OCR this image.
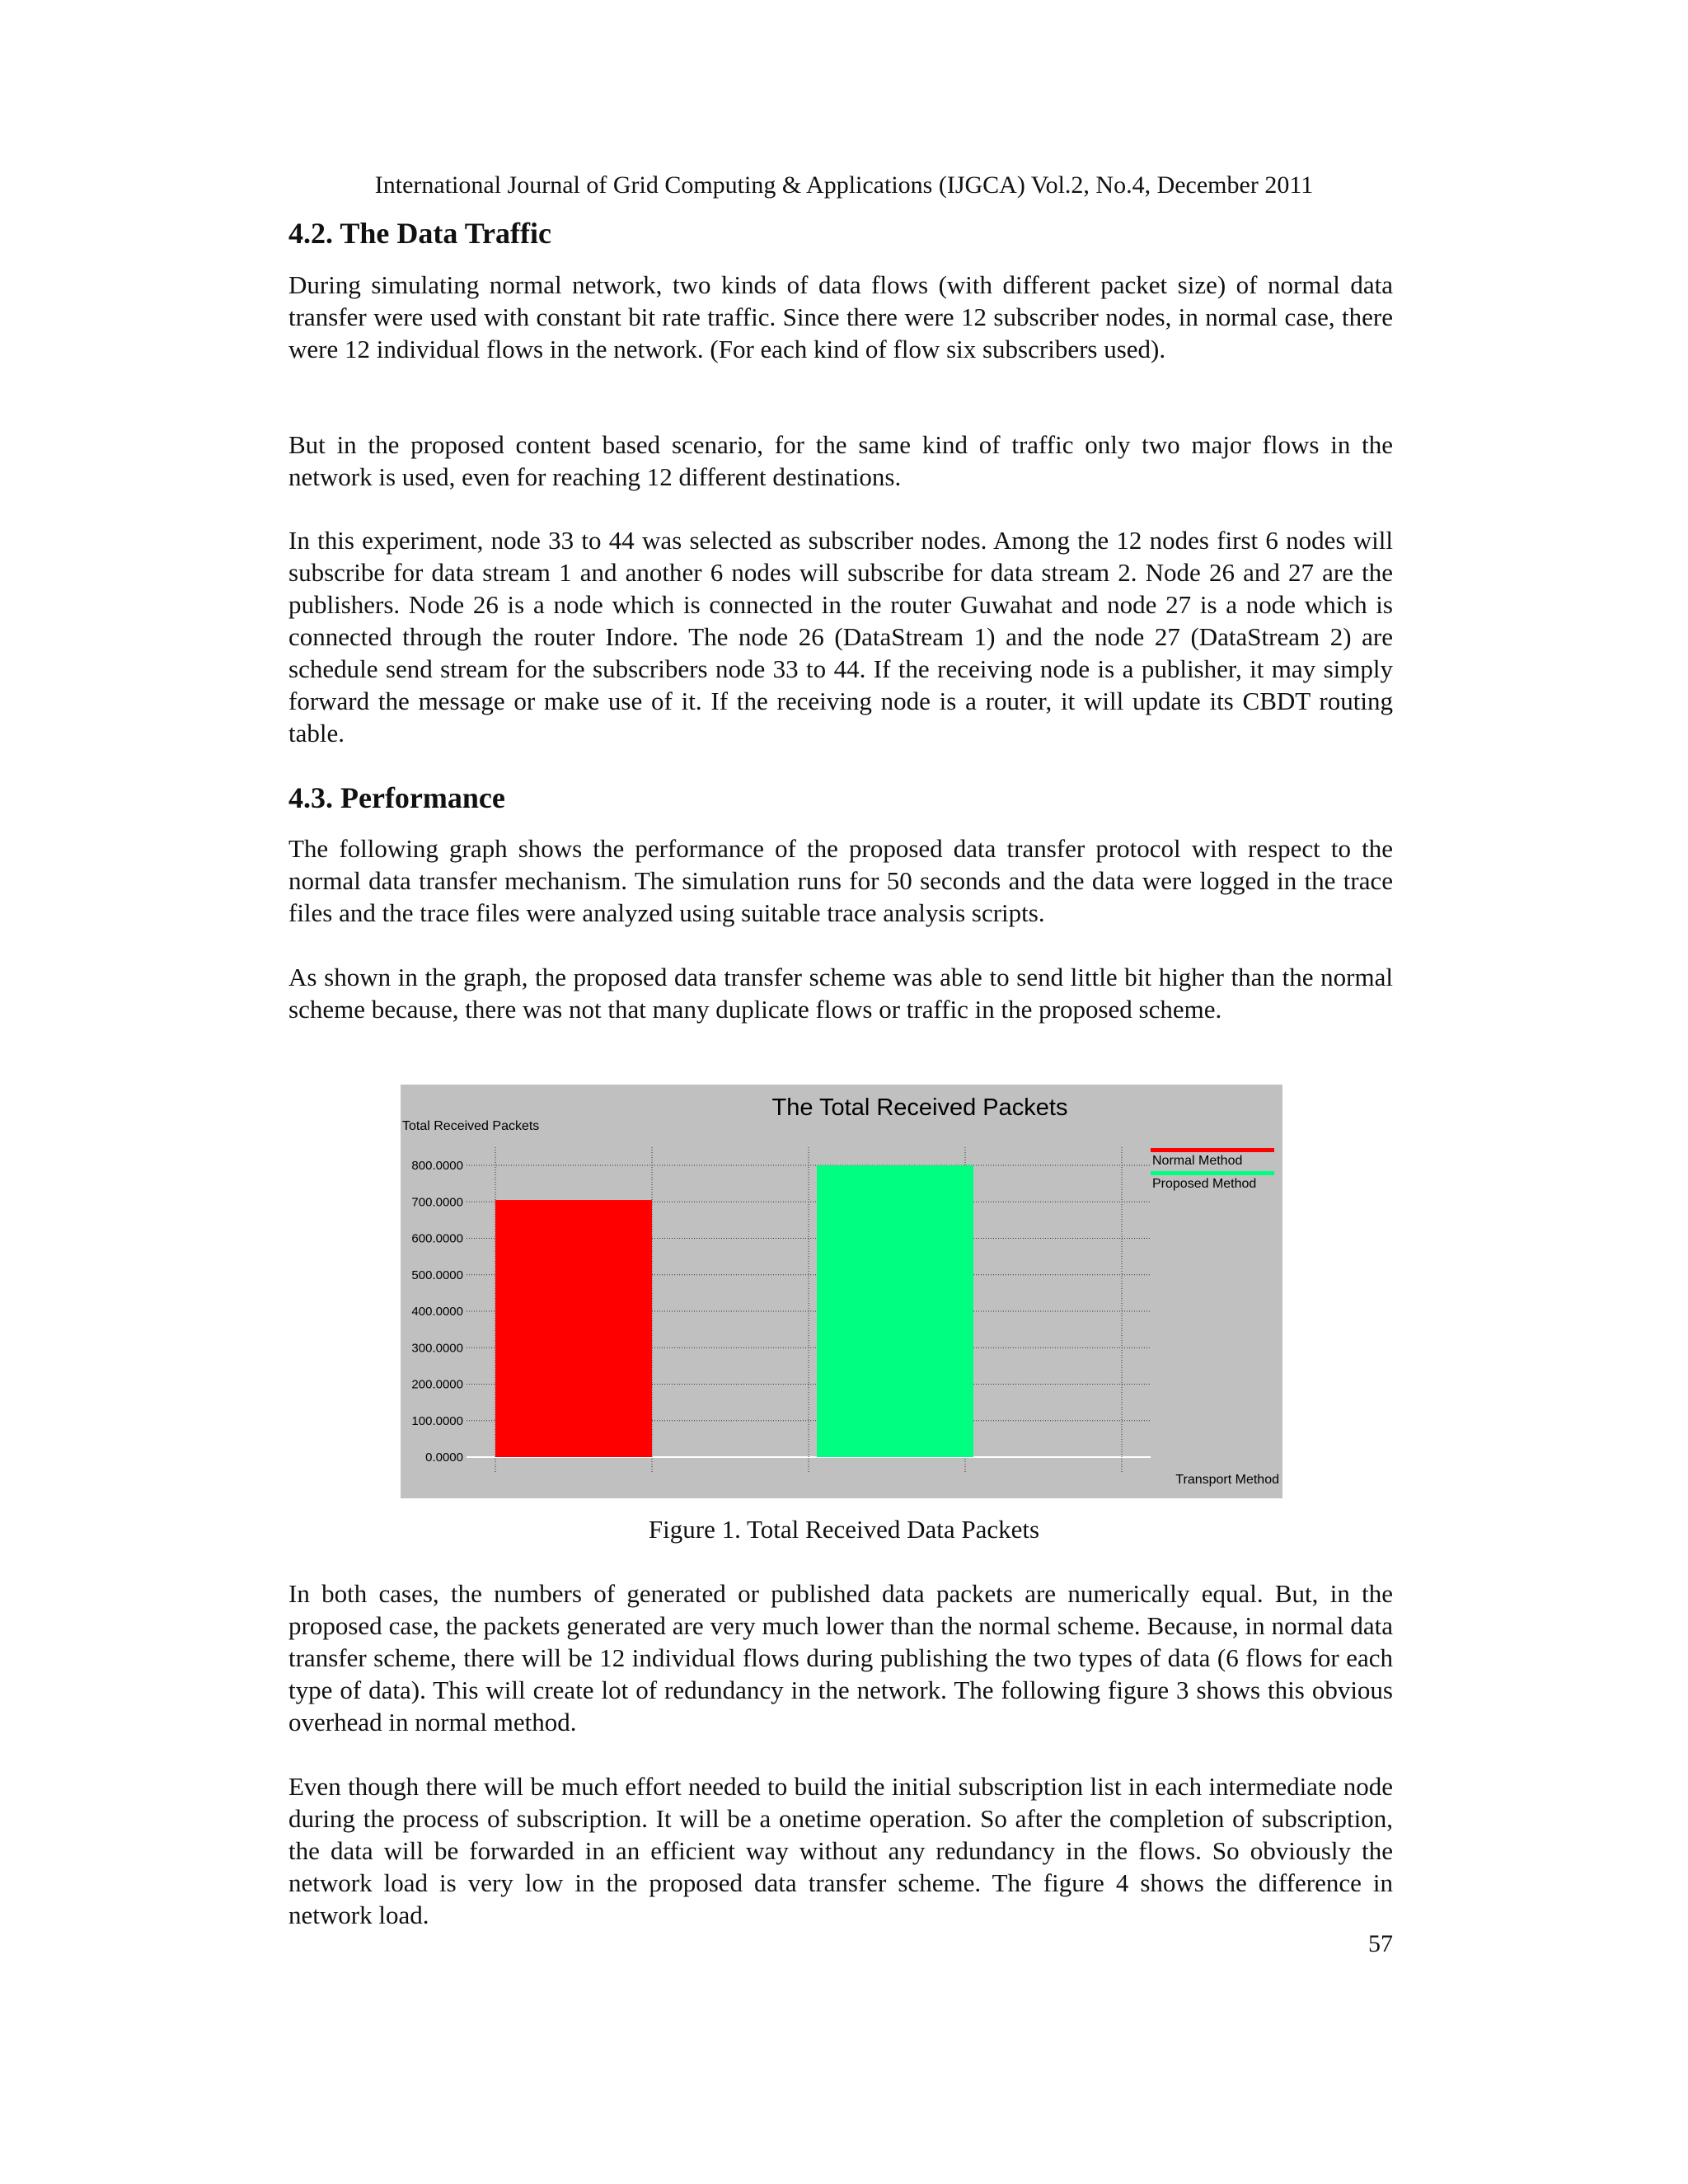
International Journal of Grid Computing & Applications (IJGCA) Vol.2, No.4, December 2011
4.2. The Data Traffic

During simulating normal network, two kinds of data flows (with different packet size) of normal data transfer were used with constant bit rate traffic. Since there were 12 subscriber nodes, in normal case, there were 12 individual flows in the network. (For each kind of flow six subscribers used).

But in the proposed content based scenario, for the same kind of traffic only two major flows in the network is used, even for reaching 12 different destinations.

In this experiment, node 33 to 44 was selected as subscriber nodes. Among the 12 nodes first 6 nodes will subscribe for data stream 1 and another 6 nodes will subscribe for data stream 2. Node 26 and 27 are the publishers. Node 26 is a node which is connected in the router Guwahat and node 27 is a node which is connected through the router Indore. The node 26 (DataStream 1) and the node 27 (DataStream 2) are schedule send stream for the subscribers node 33 to 44. If the receiving node is a publisher, it may simply forward the message or make use of it. If the receiving node is a router, it will update its CBDT routing table.

4.3. Performance

The following graph shows the performance of the proposed data transfer protocol with respect to the normal data transfer mechanism. The simulation runs for 50 seconds and the data were logged in the trace files and the trace files were analyzed using suitable trace analysis scripts.

As shown in the graph, the proposed data transfer scheme was able to send little bit higher than the normal scheme because, there was not that many duplicate flows or traffic in the proposed scheme.

The Total Received Packets
Total Received Packets
0.0000
100.0000
200.0000
300.0000
400.0000
500.0000
600.0000
700.0000
800.0000	Normal Method
Proposed Method
Transport Method
Figure 1. Total Received Data Packets

In both cases, the numbers of generated or published data packets are numerically equal. But, in the proposed case, the packets generated are very much lower than the normal scheme. Because, in normal data transfer scheme, there will be 12 individual flows during publishing the two types of data (6 flows for each type of data). This will create lot of redundancy in the network. The following figure 3 shows this obvious overhead in normal method.

Even though there will be much effort needed to build the initial subscription list in each intermediate node during the process of subscription. It will be a onetime operation. So after the completion of subscription, the data will be forwarded in an efficient way without any redundancy in the flows. So obviously the network load is very low in the proposed data transfer scheme. The figure 4 shows the difference in network load.

57
